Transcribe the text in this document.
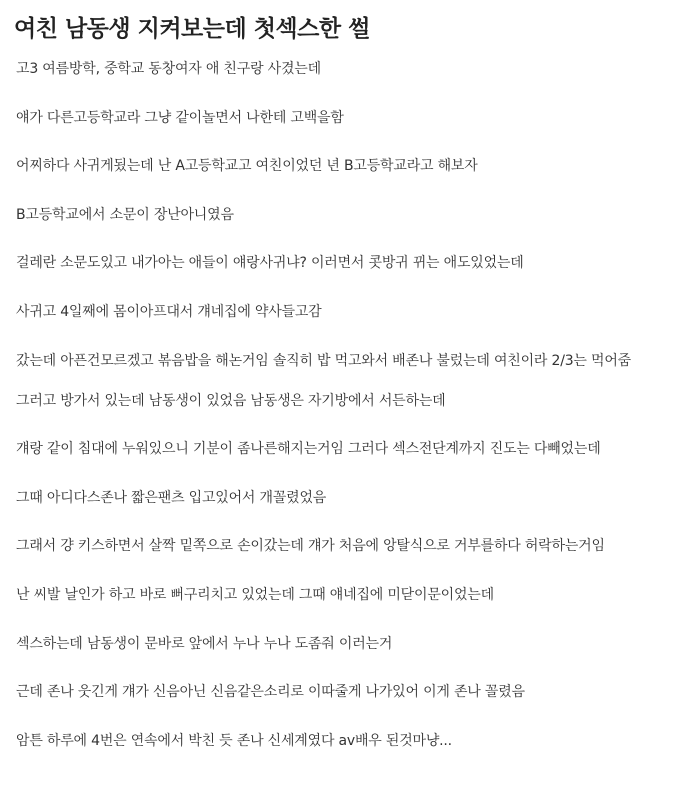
여친 남동생 지켜보는데 첫섹스한 썰

고3 여름방학, 중학교 동창여자 애 친구랑 사겼는데

얘가 다른고등학교라 그냥 같이놀면서 나한테 고백을함

어찌하다 사귀게됬는데 난 A고등학교고 여친이었던 년 B고등학교라고 해보자

B고등학교에서 소문이 장난아니였음

걸레란 소문도있고 내가아는 애들이 얘랑사귀냐? 이러면서 콧방귀 뀌는 애도있었는데

사귀고 4일째에 몸이아프대서 걔네집에 약사들고감

갔는데 아픈건모르겠고 볶음밥을 해논거임 솔직히 밥 먹고와서 배존나 불렀는데 여친이라 2/3는 먹어줌

그러고 방가서 있는데 남동생이 있었음 남동생은 자기방에서 서든하는데

걔랑 같이 침대에 누워있으니 기분이 좀나른해지는거임 그러다 섹스전단계까지 진도는 다빼었는데

그때 아디다스존나 짧은팬츠 입고있어서 개꼴렸었음

그래서 걍 키스하면서 살짝 밑쪽으로 손이갔는데 걔가 처음에 앙탈식으로 거부를하다 허락하는거임

난 씨발 날인가 하고 바로 뻐구리치고 있었는데 그때 얘네집에 미닫이문이었는데

섹스하는데 남동생이 문바로 앞에서 누나 누나 도좀줘 이러는거

근데 존나 웃긴게 걔가 신음아닌 신음같은소리로 이따줄게 나가있어 이게 존나 꼴렸음

암튼 하루에 4번은 연속에서 박친 듯 존나 신세계였다 av배우 된것마냥...
